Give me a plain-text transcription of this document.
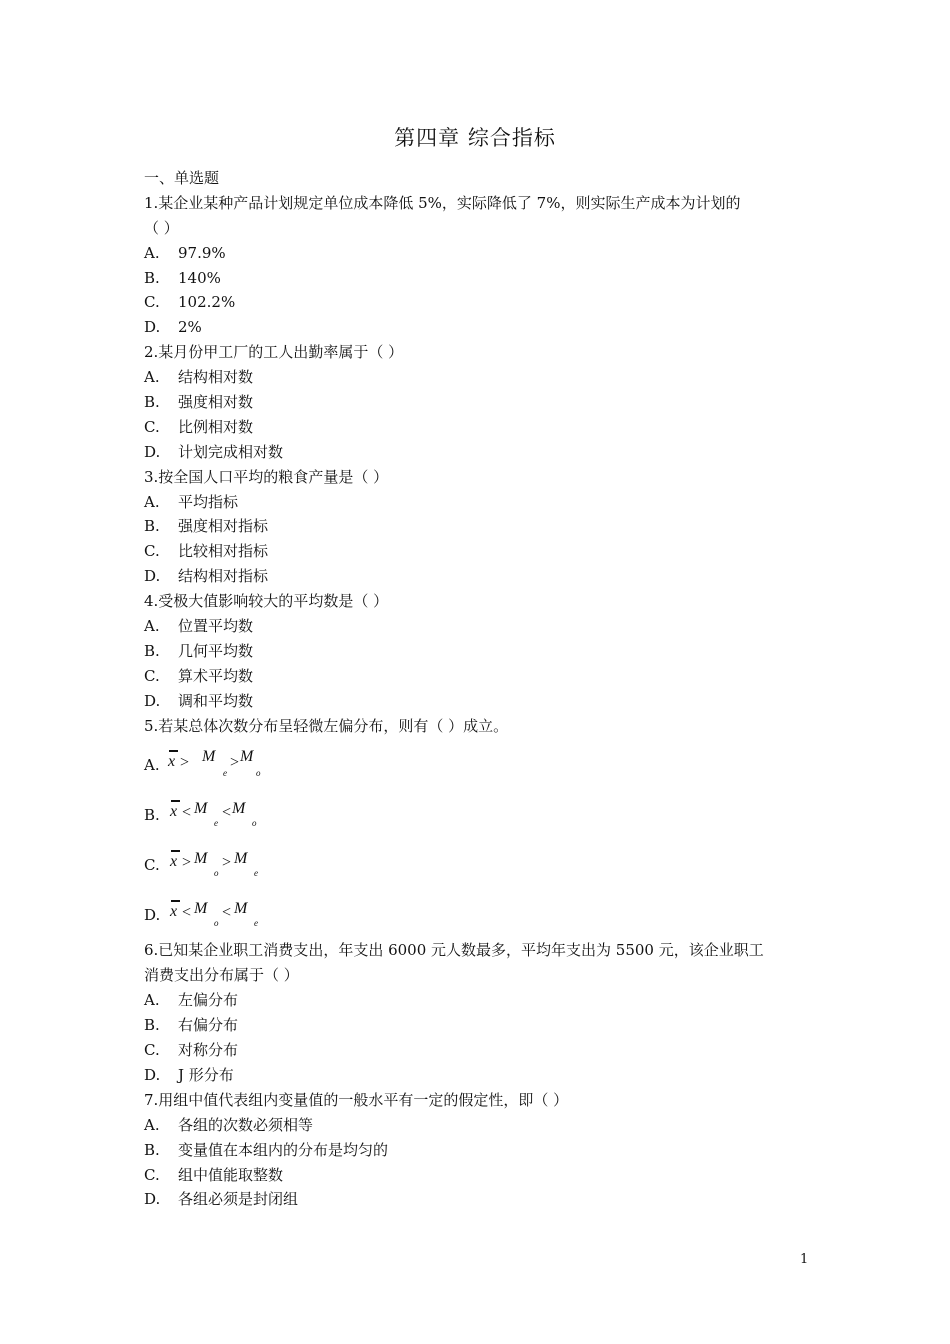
第四章 综合指标
一、单选题
1.某企业某种产品计划规定单位成本降低 5%，实际降低了 7%，则实际生产成本为计划的
（ ）
A. 97.9%
B. 140%
C. 102.2%
D. 2%
2.某月份甲工厂的工人出勤率属于（ ）
A. 结构相对数
B. 强度相对数
C. 比例相对数
D. 计划完成相对数
3.按全国人口平均的粮食产量是（ ）
A. 平均指标
B. 强度相对指标
C. 比较相对指标
D. 结构相对指标
4.受极大值影响较大的平均数是（ ）
A. 位置平均数
B. 几何平均数
C. 算术平均数
D. 调和平均数
5.若某总体次数分布呈轻微左偏分布，则有（ ）成立。
A. x > M
e
> M
o
B. x < M
e
< M
o
C. x > M
o
> M
e
D. x < M
o
< M
e
6.已知某企业职工消费支出，年支出 6000 元人数最多，平均年支出为 5500 元，该企业职工
消费支出分布属于（ ）
A. 左偏分布
B. 右偏分布
C. 对称分布
D. J 形分布
7.用组中值代表组内变量值的一般水平有一定的假定性，即（ ）
A. 各组的次数必须相等
B. 变量值在本组内的分布是均匀的
C. 组中值能取整数
D. 各组必须是封闭组
1
